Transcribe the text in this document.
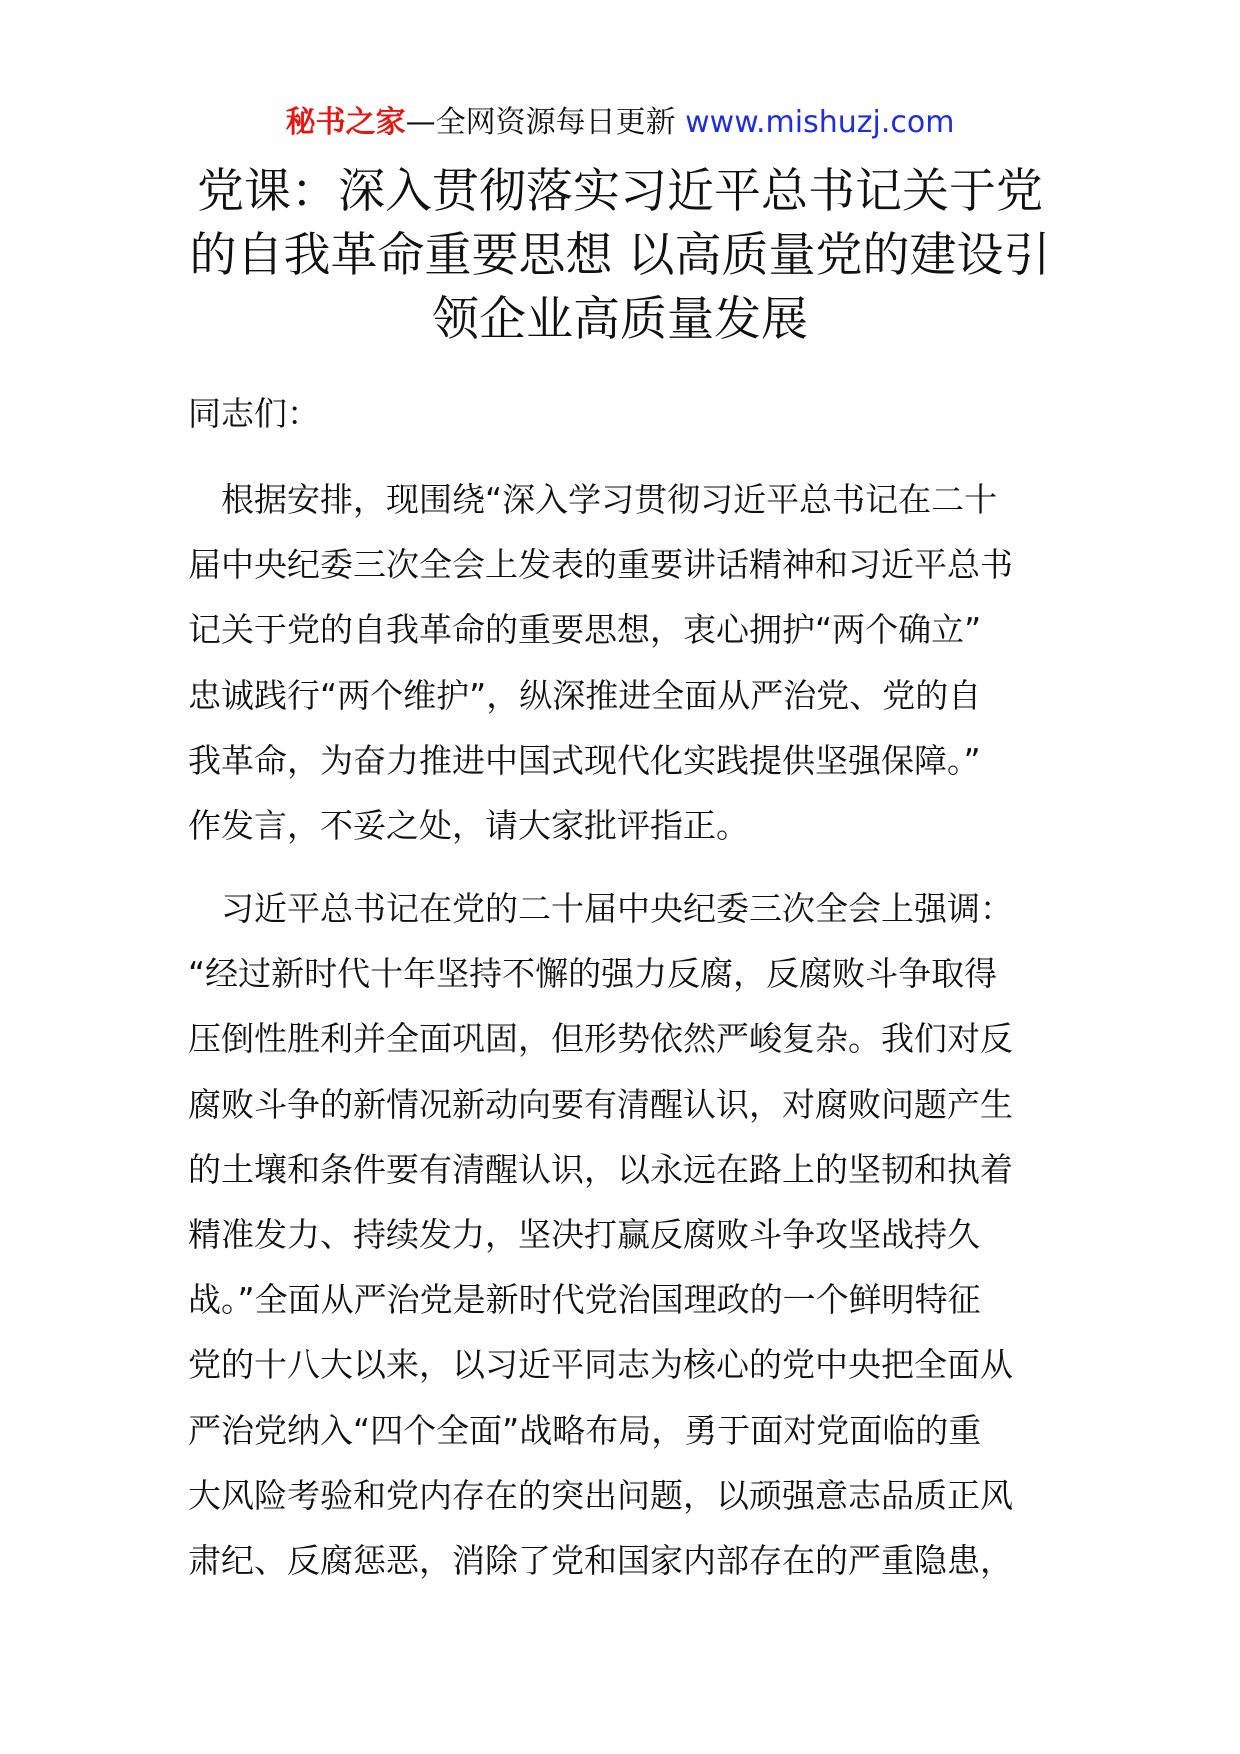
秘书之家—全网资源每日更新 www.mishuzj.com
党课：深入贯彻落实习近平总书记关于党
的自我革命重要思想 以高质量党的建设引
领企业高质量发展

同志们：

　根据安排，现围绕“深入学习贯彻习近平总书记在二十
届中央纪委三次全会上发表的重要讲话精神和习近平总书
记关于党的自我革命的重要思想，衷心拥护“两个确立”
忠诚践行“两个维护”，纵深推进全面从严治党、党的自
我革命，为奋力推进中国式现代化实践提供坚强保障。”
作发言，不妥之处，请大家批评指正。

　习近平总书记在党的二十届中央纪委三次全会上强调：
“经过新时代十年坚持不懈的强力反腐，反腐败斗争取得
压倒性胜利并全面巩固，但形势依然严峻复杂。我们对反
腐败斗争的新情况新动向要有清醒认识，对腐败问题产生
的土壤和条件要有清醒认识，以永远在路上的坚韧和执着
精准发力、持续发力，坚决打赢反腐败斗争攻坚战持久
战。”全面从严治党是新时代党治国理政的一个鲜明特征
党的十八大以来，以习近平同志为核心的党中央把全面从
严治党纳入“四个全面”战略布局，勇于面对党面临的重
大风险考验和党内存在的突出问题，以顽强意志品质正风
肃纪、反腐惩恶，消除了党和国家内部存在的严重隐患，
